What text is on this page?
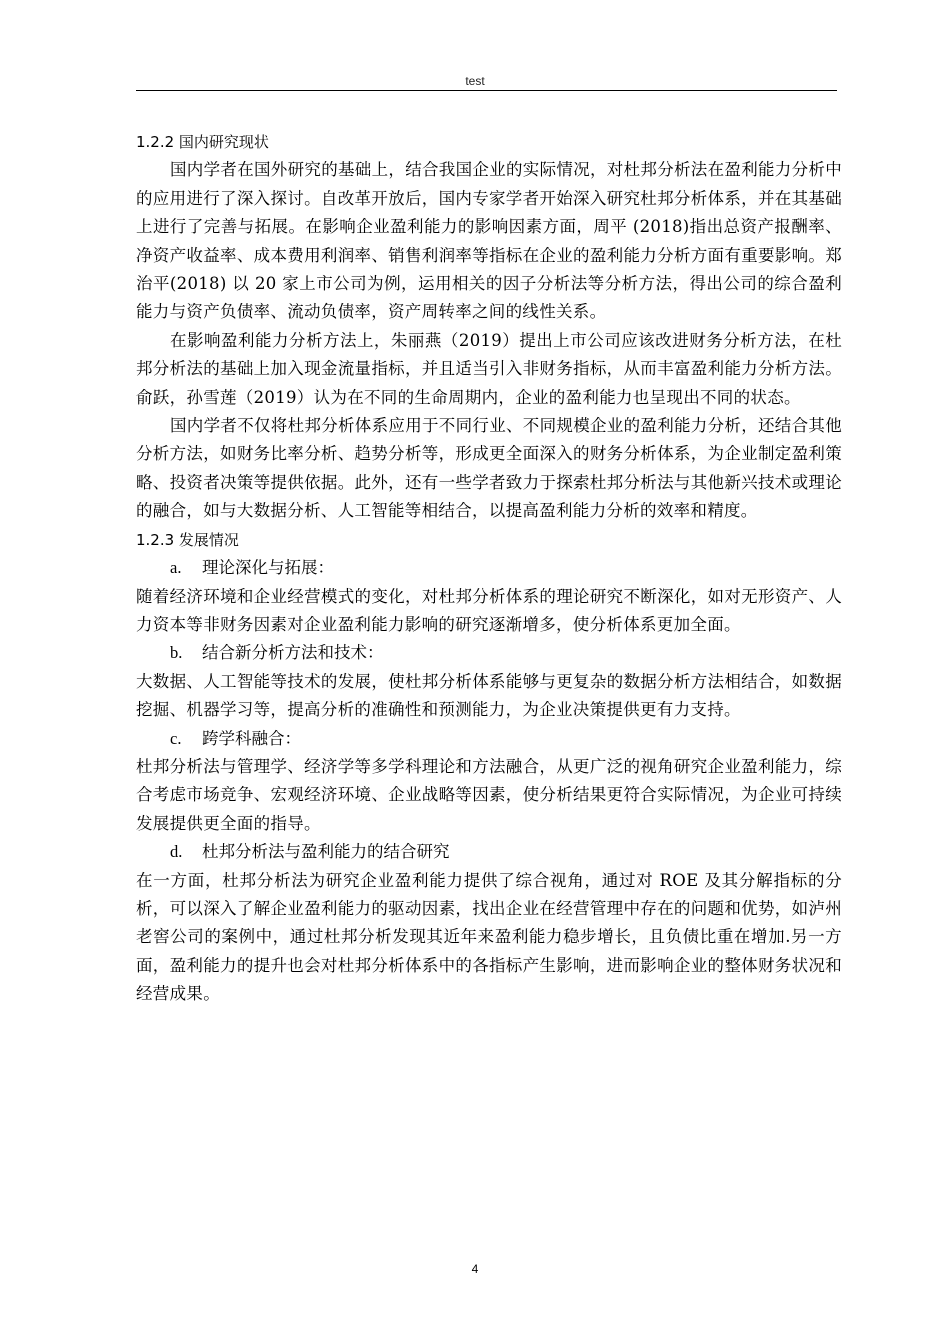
test

1.2.2 国内研究现状

国内学者在国外研究的基础上，结合我国企业的实际情况，对杜邦分析法在盈利能力分析中的应用进行了深入探讨。自改革开放后，国内专家学者开始深入研究杜邦分析体系，并在其基础上进行了完善与拓展。在影响企业盈利能力的影响因素方面，周平 (2018)指出总资产报酬率、净资产收益率、成本费用利润率、销售利润率等指标在企业的盈利能力分析方面有重要影响。郑治平(2018) 以 20 家上市公司为例，运用相关的因子分析法等分析方法，得出公司的综合盈利能力与资产负债率、流动负债率，资产周转率之间的线性关系。

在影响盈利能力分析方法上，朱丽燕（2019）提出上市公司应该改进财务分析方法，在杜邦分析法的基础上加入现金流量指标，并且适当引入非财务指标，从而丰富盈利能力分析方法。俞跃，孙雪莲（2019）认为在不同的生命周期内，企业的盈利能力也呈现出不同的状态。

国内学者不仅将杜邦分析体系应用于不同行业、不同规模企业的盈利能力分析，还结合其他分析方法，如财务比率分析、趋势分析等，形成更全面深入的财务分析体系，为企业制定盈利策略、投资者决策等提供依据。此外，还有一些学者致力于探索杜邦分析法与其他新兴技术或理论的融合，如与大数据分析、人工智能等相结合，以提高盈利能力分析的效率和精度。

1.2.3 发展情况

a. 理论深化与拓展：

随着经济环境和企业经营模式的变化，对杜邦分析体系的理论研究不断深化，如对无形资产、人力资本等非财务因素对企业盈利能力影响的研究逐渐增多，使分析体系更加全面。

b. 结合新分析方法和技术：

大数据、人工智能等技术的发展，使杜邦分析体系能够与更复杂的数据分析方法相结合，如数据挖掘、机器学习等，提高分析的准确性和预测能力，为企业决策提供更有力支持。

c. 跨学科融合：

杜邦分析法与管理学、经济学等多学科理论和方法融合，从更广泛的视角研究企业盈利能力，综合考虑市场竞争、宏观经济环境、企业战略等因素，使分析结果更符合实际情况，为企业可持续发展提供更全面的指导。

d. 杜邦分析法与盈利能力的结合研究

在一方面，杜邦分析法为研究企业盈利能力提供了综合视角，通过对 ROE 及其分解指标的分析，可以深入了解企业盈利能力的驱动因素，找出企业在经营管理中存在的问题和优势，如泸州老窖公司的案例中，通过杜邦分析发现其近年来盈利能力稳步增长，且负债比重在增加.另一方面，盈利能力的提升也会对杜邦分析体系中的各指标产生影响，进而影响企业的整体财务状况和经营成果。

4
